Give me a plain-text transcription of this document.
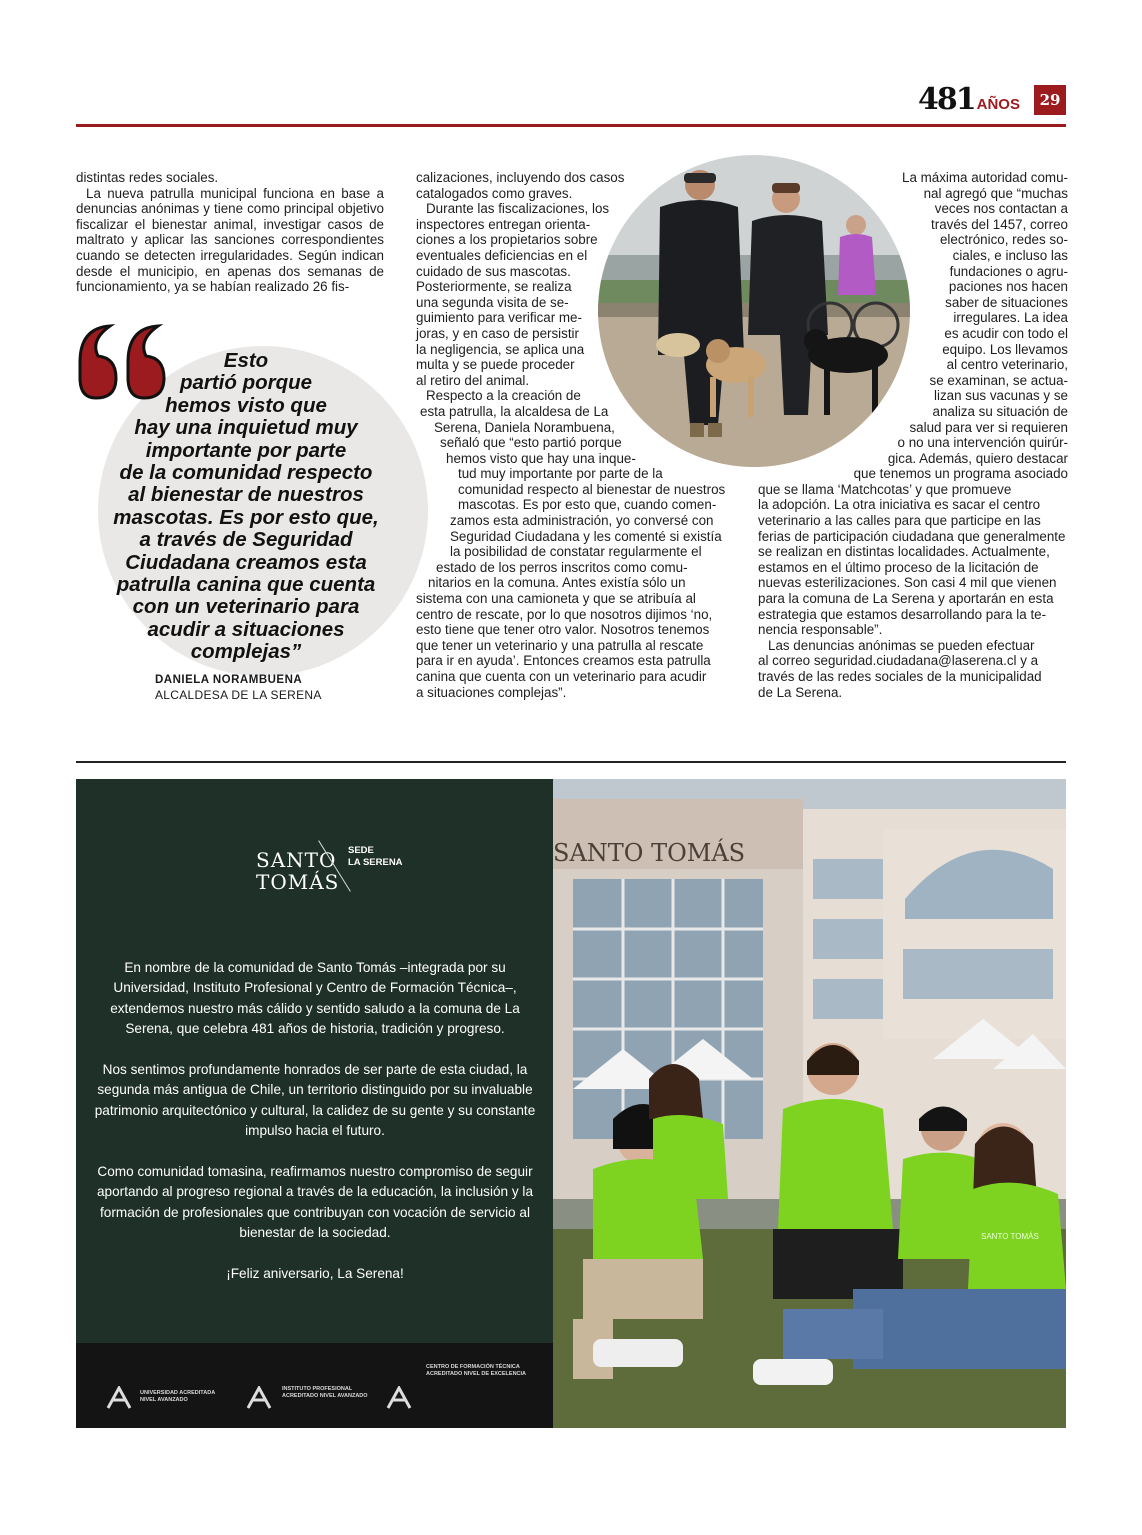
481 AÑOS	29

distintas redes sociales.

La nueva patrulla municipal funciona en base a denuncias anónimas y tiene como principal objetivo fiscalizar el bienestar animal, investigar casos de maltrato y aplicar las sanciones correspondientes cuando se detecten irregularidades. Según indican desde el municipio, en apenas dos semanas de funcionamiento, ya se habían realizado 26 fis-

calizaciones, incluyendo dos casos

catalogados como graves.

Durante las fiscalizaciones, los

inspectores entregan orienta-

ciones a los propietarios sobre

eventuales deficiencias en el

cuidado de sus mascotas.

Posteriormente, se realiza

una segunda visita de se-

guimiento para verificar me-

joras, y en caso de persistir

la negligencia, se aplica una

multa y se puede proceder

al retiro del animal.

Respecto a la creación de

esta patrulla, la alcaldesa de La

Serena, Daniela Norambuena,

señaló que “esto partió porque

hemos visto que hay una inque-

tud muy importante por parte de la

comunidad respecto al bienestar de nuestros

mascotas. Es por esto que, cuando comen-

zamos esta administración, yo conversé con

Seguridad Ciudadana y les comenté si existía

la posibilidad de constatar regularmente el

estado de los perros inscritos como comu-

nitarios en la comuna. Antes existía sólo un

sistema con una camioneta y que se atribuía al

centro de rescate, por lo que nosotros dijimos ‘no,

esto tiene que tener otro valor. Nosotros tenemos

que tener un veterinario y una patrulla al rescate

para ir en ayuda’. Entonces creamos esta patrulla

canina que cuenta con un veterinario para acudir

a situaciones complejas”.

La máxima autoridad comu-

nal agregó que “muchas

veces nos contactan a

través del 1457, correo

electrónico, redes so-

ciales, e incluso las

fundaciones o agru-

paciones nos hacen

saber de situaciones

irregulares. La idea

es acudir con todo el

equipo. Los llevamos

al centro veterinario,

se examinan, se actua-

lizan sus vacunas y se

analiza su situación de

salud para ver si requieren

o no una intervención quirúr-

gica. Además, quiero destacar

que tenemos un programa asociado

que se llama ‘Matchcotas’ y que promueve

la adopción. La otra iniciativa es sacar el centro

veterinario a las calles para que participe en las

ferias de participación ciudadana que generalmente

se realizan en distintas localidades. Actualmente,

estamos en el último proceso de la licitación de

nuevas esterilizaciones. Son casi 4 mil que vienen

para la comuna de La Serena y aportarán en esta

estrategia que estamos desarrollando para la te-

nencia responsable”.

Las denuncias anónimas se pueden efectuar

al correo seguridad.ciudadana@laserena.cl y a

través de las redes sociales de la municipalidad

de La Serena.

Esto
partió porque
hemos visto que
hay una inquietud muy
importante por parte
de la comunidad respecto
al bienestar de nuestros
mascotas. Es por esto que,
a través de Seguridad
Ciudadana creamos esta
patrulla canina que cuenta
con un veterinario para
acudir a situaciones
complejas”
DANIELA NORAMBUENA
ALCALDESA DE LA SERENA
SANTO
TOMÁS
SEDE
LA SERENA

En nombre de la comunidad de Santo Tomás –integrada por su Universidad, Instituto Profesional y Centro de Formación Técnica–, extendemos nuestro más cálido y sentido saludo a la comuna de La Serena, que celebra 481 años de historia, tradición y progreso.

Nos sentimos profundamente honrados de ser parte de esta ciudad, la segunda más antigua de Chile, un territorio distinguido por su invaluable patrimonio arquitectónico y cultural, la calidez de su gente y su constante impulso hacia el futuro.

Como comunidad tomasina, reafirmamos nuestro compromiso de seguir aportando al progreso regional a través de la educación, la inclusión y la formación de profesionales que contribuyan con vocación de servicio al bienestar de la sociedad.

¡Feliz aniversario, La Serena!

UNIVERSIDAD ACREDITADA NIVEL AVANZADO
INSTITUTO PROFESIONAL ACREDITADO NIVEL AVANZADO
CENTRO DE FORMACIÓN TÉCNICA ACREDITADO NIVEL DE EXCELENCIA
SANTO TOMÁS
SANTO TOMÁS
